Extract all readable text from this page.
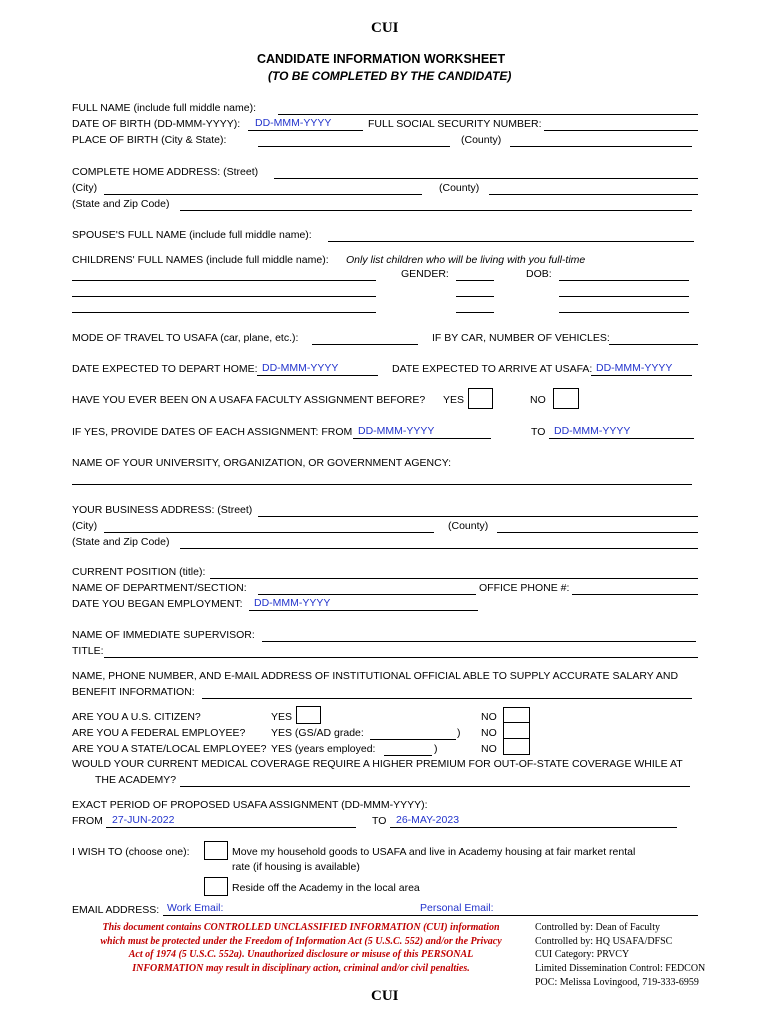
CUI
CANDIDATE INFORMATION WORKSHEET
(TO BE COMPLETED BY THE CANDIDATE)
FULL NAME (include full middle name):
DATE OF BIRTH (DD-MMM-YYYY): DD-MMM-YYYY	FULL SOCIAL SECURITY NUMBER:
PLACE OF BIRTH (City & State):	(County)
COMPLETE HOME ADDRESS: (Street)
(City)	(County)
(State and Zip Code)
SPOUSE'S FULL NAME (include full middle name):
CHILDRENS' FULL NAMES (include full middle name): Only list children who will be living with you full-time
GENDER:	DOB:
MODE OF TRAVEL TO USAFA (car, plane, etc.):	IF BY CAR, NUMBER OF VEHICLES:
DATE EXPECTED TO DEPART HOME: DD-MMM-YYYY	DATE EXPECTED TO ARRIVE AT USAFA: DD-MMM-YYYY
HAVE YOU EVER BEEN ON A USAFA FACULTY ASSIGNMENT BEFORE? YES	NO
IF YES, PROVIDE DATES OF EACH ASSIGNMENT: FROM DD-MMM-YYYY	TO DD-MMM-YYYY
NAME OF YOUR UNIVERSITY, ORGANIZATION, OR GOVERNMENT AGENCY:
YOUR BUSINESS ADDRESS: (Street)
(City)	(County)
(State and Zip Code)
CURRENT POSITION (title):
NAME OF DEPARTMENT/SECTION:	OFFICE PHONE #:
DATE YOU BEGAN EMPLOYMENT: DD-MMM-YYYY
NAME OF IMMEDIATE SUPERVISOR:
TITLE:
NAME, PHONE NUMBER, AND E-MAIL ADDRESS OF INSTITUTIONAL OFFICIAL ABLE TO SUPPLY ACCURATE SALARY AND
BENEFIT INFORMATION:
ARE YOU A U.S. CITIZEN?	YES	NO
ARE YOU A FEDERAL EMPLOYEE? YES (GS/AD grade:	) NO
ARE YOU A STATE/LOCAL EMPLOYEE? YES (years employed:	)	NO
WOULD YOUR CURRENT MEDICAL COVERAGE REQUIRE A HIGHER PREMIUM FOR OUT-OF-STATE COVERAGE WHILE AT
THE ACADEMY?
EXACT PERIOD OF PROPOSED USAFA ASSIGNMENT (DD-MMM-YYYY):
FROM 27-JUN-2022	TO 26-MAY-2023
I WISH TO (choose one):	Move my household goods to USAFA and live in Academy housing at fair market rental
rate (if housing is available)
Reside off the Academy in the local area
EMAIL ADDRESS: Work Email:	Personal Email:
This document contains CONTROLLED UNCLASSIFIED INFORMATION (CUI) information
which must be protected under the Freedom of Information Act (5 U.S.C. 552) and/or the Privacy
Act of 1974 (5 U.S.C. 552a). Unauthorized disclosure or misuse of this PERSONAL
INFORMATION may result in disciplinary action, criminal and/or civil penalties.
Controlled by: Dean of Faculty
Controlled by: HQ USAFA/DFSC
CUI Category: PRVCY
Limited Dissemination Control: FEDCON
POC: Melissa Lovingood, 719-333-6959
CUI
